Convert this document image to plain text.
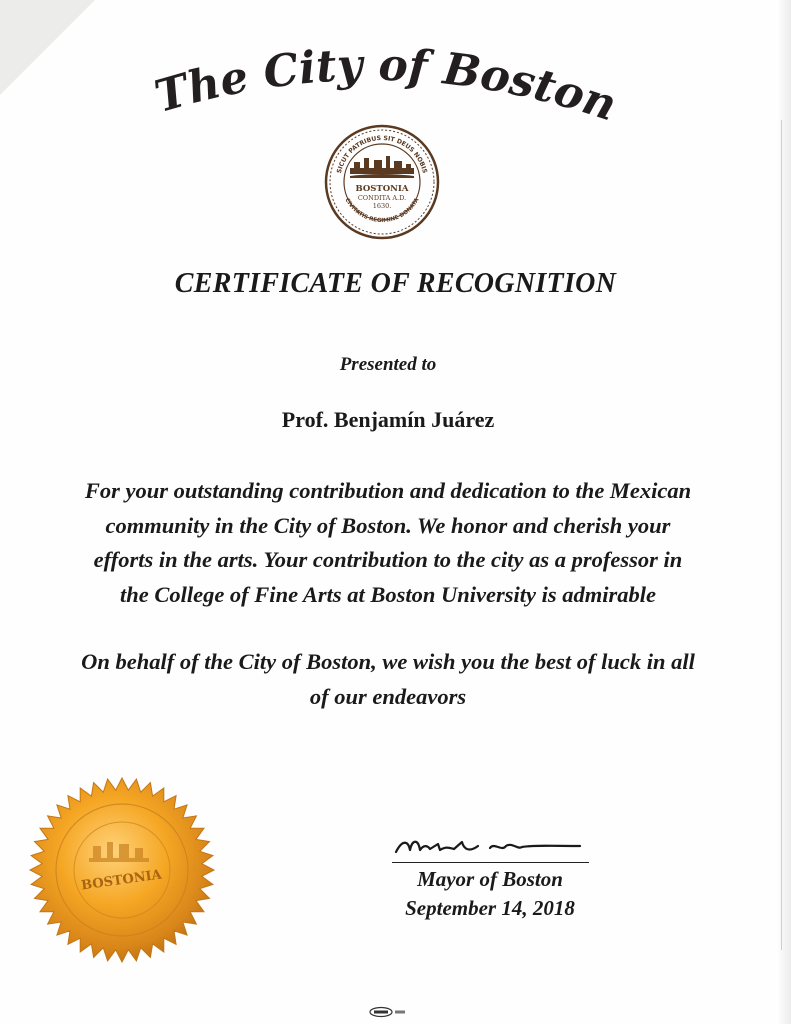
The City of Boston
SICUT PATRIBUS SIT DEUS NOBIS
CIVITATIS REGIMINE DONATA
BOSTONIA
CONDITA A.D.
1630.
CERTIFICATE OF RECOGNITION
Presented to
Prof. Benjamín Juárez

For your outstanding contribution and dedication to the Mexican community in the City of Boston. We honor and cherish your efforts in the arts. Your contribution to the city as a professor in the College of Fine Arts at Boston University is admirable

On behalf of the City of Boston, we wish you the best of luck in all of our endeavors

Mayor of Boston
September 14, 2018
BOSTONIA
